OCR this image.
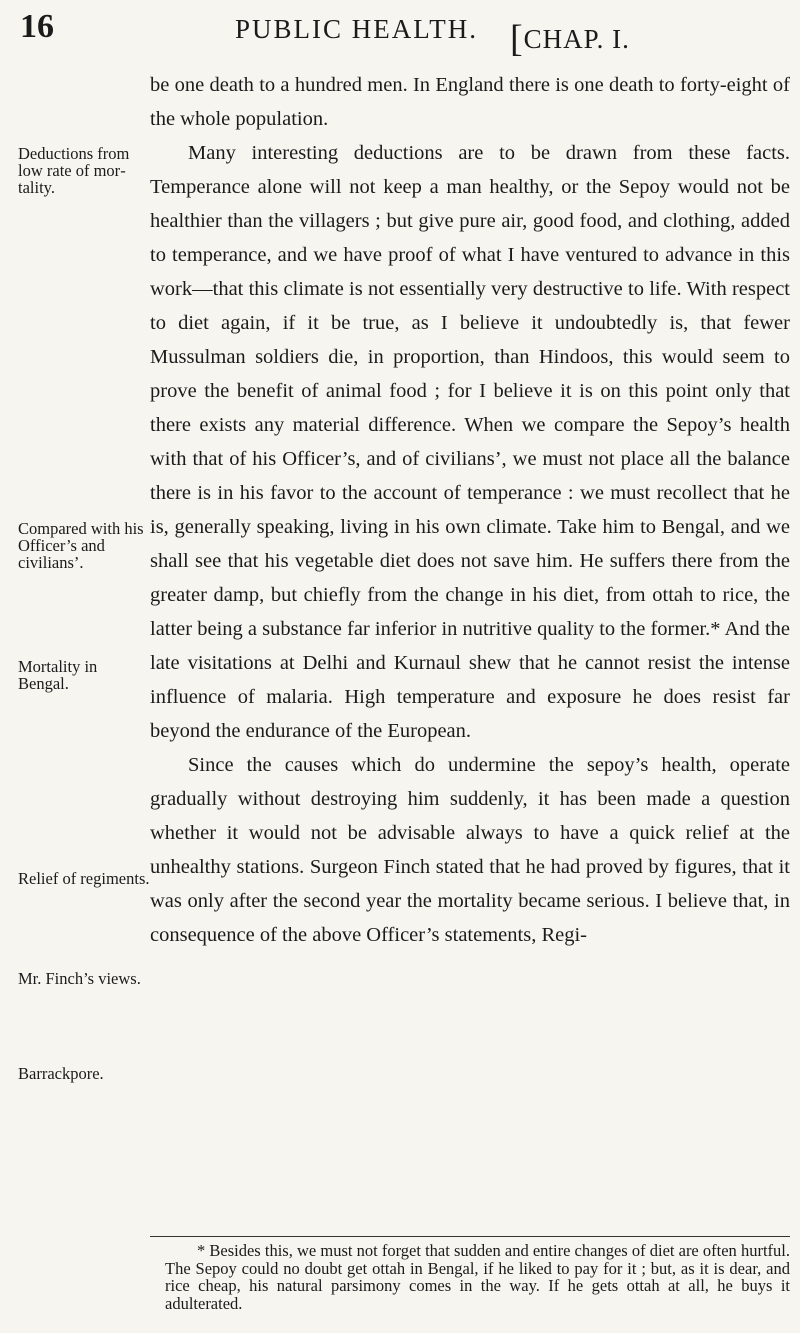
16	PUBLIC HEALTH. [CHAP. I.

be one death to a hundred men. In England there is one death to forty-eight of the whole population.

Many interesting deductions are to be drawn from these facts. Temperance alone will not keep a man healthy, or the Sepoy would not be healthier than the villagers ; but give pure air, good food, and clothing, added to temperance, and we have proof of what I have ventured to advance in this work—that this climate is not essentially very destructive to life. With respect to diet again, if it be true, as I believe it undoubtedly is, that fewer Mussulman soldiers die, in proportion, than Hindoos, this would seem to prove the benefit of animal food ; for I believe it is on this point only that there exists any material difference. When we compare the Sepoy’s health with that of his Officer’s, and of civilians’, we must not place all the balance there is in his favor to the account of temperance : we must recollect that he is, generally speaking, living in his own climate. Take him to Bengal, and we shall see that his vegetable diet does not save him. He suffers there from the greater damp, but chiefly from the change in his diet, from ottah to rice, the latter being a substance far inferior in nutritive quality to the former.* And the late visitations at Delhi and Kurnaul shew that he cannot resist the intense influence of malaria. High temperature and exposure he does resist far beyond the endurance of the European.

Since the causes which do undermine the sepoy’s health, operate gradually without destroying him suddenly, it has been made a question whether it would not be advisable always to have a quick relief at the unhealthy stations. Surgeon Finch stated that he had proved by figures, that it was only after the second year the mortality became serious. I believe that, in consequence of the above Officer’s statements, Regi-

Deductions from low rate of mortality.
Compared with his Officer’s and civilians’.
Mortality in Bengal.
Relief of regiments.
Mr. Finch’s views.
Barrackpore.
* Besides this, we must not forget that sudden and entire changes of diet are often hurtful. The Sepoy could no doubt get ottah in Bengal, if he liked to pay for it ; but, as it is dear, and rice cheap, his natural parsimony comes in the way. If he gets ottah at all, he buys it adulterated.
